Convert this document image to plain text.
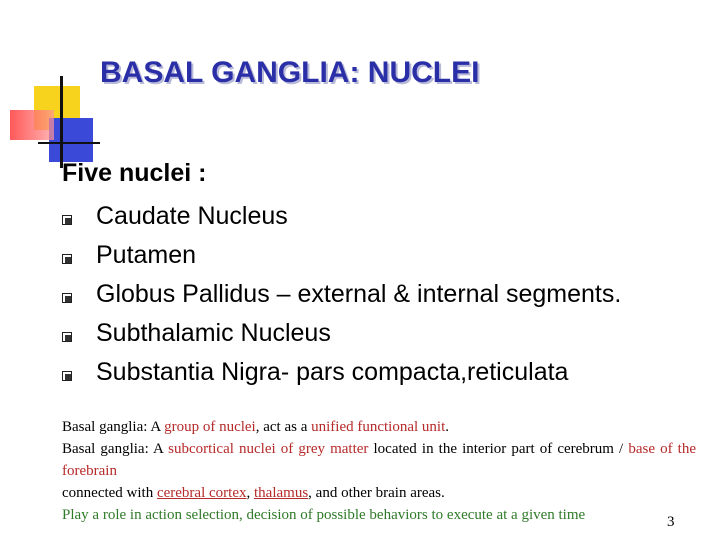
BASAL GANGLIA: NUCLEI
Five nuclei :
Caudate Nucleus
Putamen
Globus Pallidus – external & internal segments.
Subthalamic Nucleus
Substantia Nigra- pars compacta,reticulata

Basal ganglia: A group of nuclei, act as a unified functional unit.

Basal ganglia: A subcortical nuclei of grey matter located in the interior part of cerebrum / base of the forebrain

connected with cerebral cortex, thalamus, and other brain areas.

Play a role in action selection, decision of possible behaviors to execute at a given time	3
